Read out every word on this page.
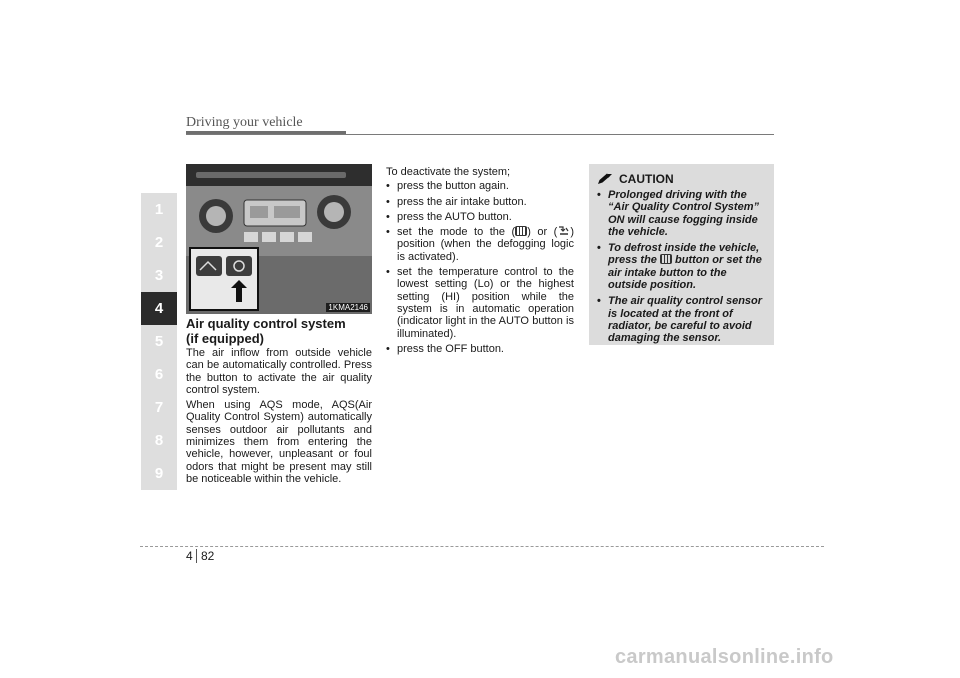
Driving your vehicle
1
2
3
4
5
6
7
8
9
1KMA2146
Air quality control system
(if equipped)

The air inflow from outside vehicle can be automatically controlled. Press the button to activate the air quality control system.

When using AQS mode, AQS(Air Quality Control System) automatically senses outdoor air pollutants and minimizes them from entering the vehicle, however, unpleasant or foul odors that might be present may still be noticeable within the vehicle.

To deactivate the system;

• press the button again.
• press the air intake button.
• press the AUTO button.
• set the mode to the ( ) or ( ) position (when the defogging logic is activated).
• set the temperature control to the lowest setting (Lo) or the highest setting (HI) position while the system is in automatic operation (indicator light in the AUTO button is illuminated).
• press the OFF button.
CAUTION
• Prolonged driving with the “Air Quality Control System” ON will cause fogging inside the vehicle.
• To defrost inside the vehicle, press the button or set the air intake button to the outside position.
• The air quality control sensor is located at the front of radiator, be careful to avoid damaging the sensor.
4 82
carmanualsonline.info
